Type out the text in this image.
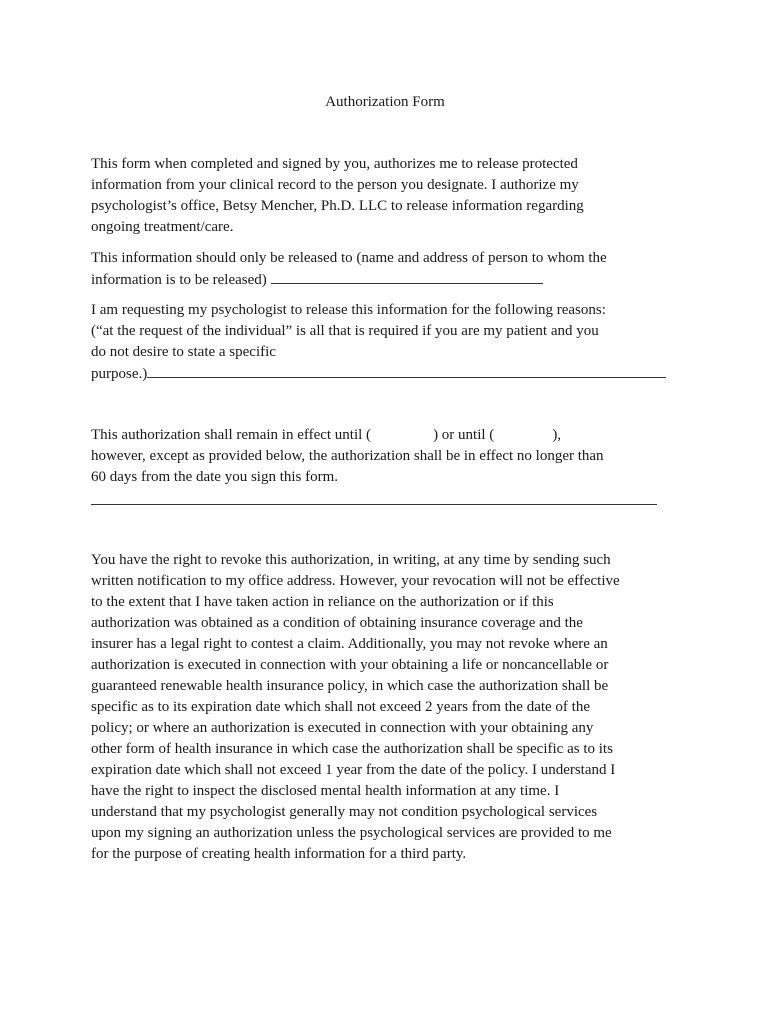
Authorization Form
This form when completed and signed by you, authorizes me to release protected
information from your clinical record to the person you designate. I authorize my
psychologist’s office, Betsy Mencher, Ph.D. LLC to release information regarding
ongoing treatment/care.
This information should only be released to (name and address of person to whom the
information is to be released)
I am requesting my psychologist to release this information for the following reasons:
(“at the request of the individual” is all that is required if you are my patient and you
do not desire to state a specific
purpose.)
This authorization shall remain in effect until (	) or until (	),
however, except as provided below, the authorization shall be in effect no longer than
60 days from the date you sign this form.
You have the right to revoke this authorization, in writing, at any time by sending such
written notification to my office address. However, your revocation will not be effective
to the extent that I have taken action in reliance on the authorization or if this
authorization was obtained as a condition of obtaining insurance coverage and the
insurer has a legal right to contest a claim. Additionally, you may not revoke where an
authorization is executed in connection with your obtaining a life or noncancellable or
guaranteed renewable health insurance policy, in which case the authorization shall be
specific as to its expiration date which shall not exceed 2 years from the date of the
policy; or where an authorization is executed in connection with your obtaining any
other form of health insurance in which case the authorization shall be specific as to its
expiration date which shall not exceed 1 year from the date of the policy. I understand I
have the right to inspect the disclosed mental health information at any time. I
understand that my psychologist generally may not condition psychological services
upon my signing an authorization unless the psychological services are provided to me
for the purpose of creating health information for a third party.
